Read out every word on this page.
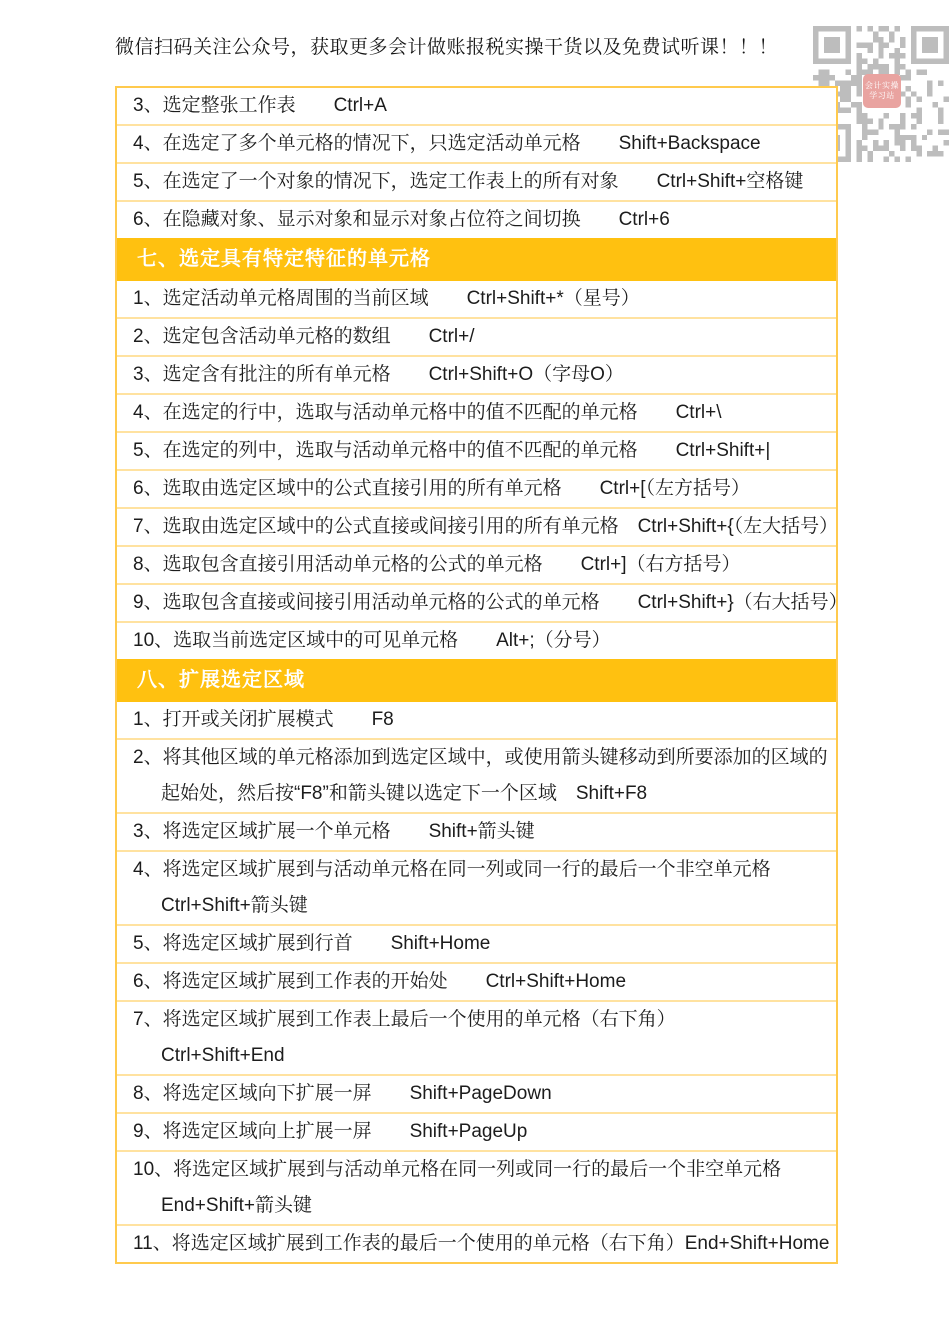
微信扫码关注公众号，获取更多会计做账报税实操干货以及免费试听课！！！
会计实操
学习站
3、选定整张工作表　　Ctrl+A
4、在选定了多个单元格的情况下，只选定活动单元格　　Shift+Backspace
5、在选定了一个对象的情况下，选定工作表上的所有对象　　Ctrl+Shift+空格键
6、在隐藏对象、显示对象和显示对象占位符之间切换　　Ctrl+6
七、选定具有特定特征的单元格
1、选定活动单元格周围的当前区域　　Ctrl+Shift+*（星号）
2、选定包含活动单元格的数组　　Ctrl+/
3、选定含有批注的所有单元格　　Ctrl+Shift+O（字母O）
4、在选定的行中，选取与活动单元格中的值不匹配的单元格　　Ctrl+\
5、在选定的列中，选取与活动单元格中的值不匹配的单元格　　Ctrl+Shift+|
6、选取由选定区域中的公式直接引用的所有单元格　　Ctrl+[（左方括号）
7、选取由选定区域中的公式直接或间接引用的所有单元格　Ctrl+Shift+{（左大括号）
8、选取包含直接引用活动单元格的公式的单元格　　Ctrl+]（右方括号）
9、选取包含直接或间接引用活动单元格的公式的单元格　　Ctrl+Shift+}（右大括号）
10、选取当前选定区域中的可见单元格　　Alt+;（分号）
八、扩展选定区域
1、打开或关闭扩展模式　　F8
2、将其他区域的单元格添加到选定区域中，或使用箭头键移动到所要添加的区域的
起始处，然后按“F8”和箭头键以选定下一个区域　Shift+F8
3、将选定区域扩展一个单元格　　Shift+箭头键
4、将选定区域扩展到与活动单元格在同一列或同一行的最后一个非空单元格
Ctrl+Shift+箭头键
5、将选定区域扩展到行首　　Shift+Home
6、将选定区域扩展到工作表的开始处　　Ctrl+Shift+Home
7、将选定区域扩展到工作表上最后一个使用的单元格（右下角）
Ctrl+Shift+End
8、将选定区域向下扩展一屏　　Shift+PageDown
9、将选定区域向上扩展一屏　　Shift+PageUp
10、将选定区域扩展到与活动单元格在同一列或同一行的最后一个非空单元格
End+Shift+箭头键
11、将选定区域扩展到工作表的最后一个使用的单元格（右下角）End+Shift+Home
